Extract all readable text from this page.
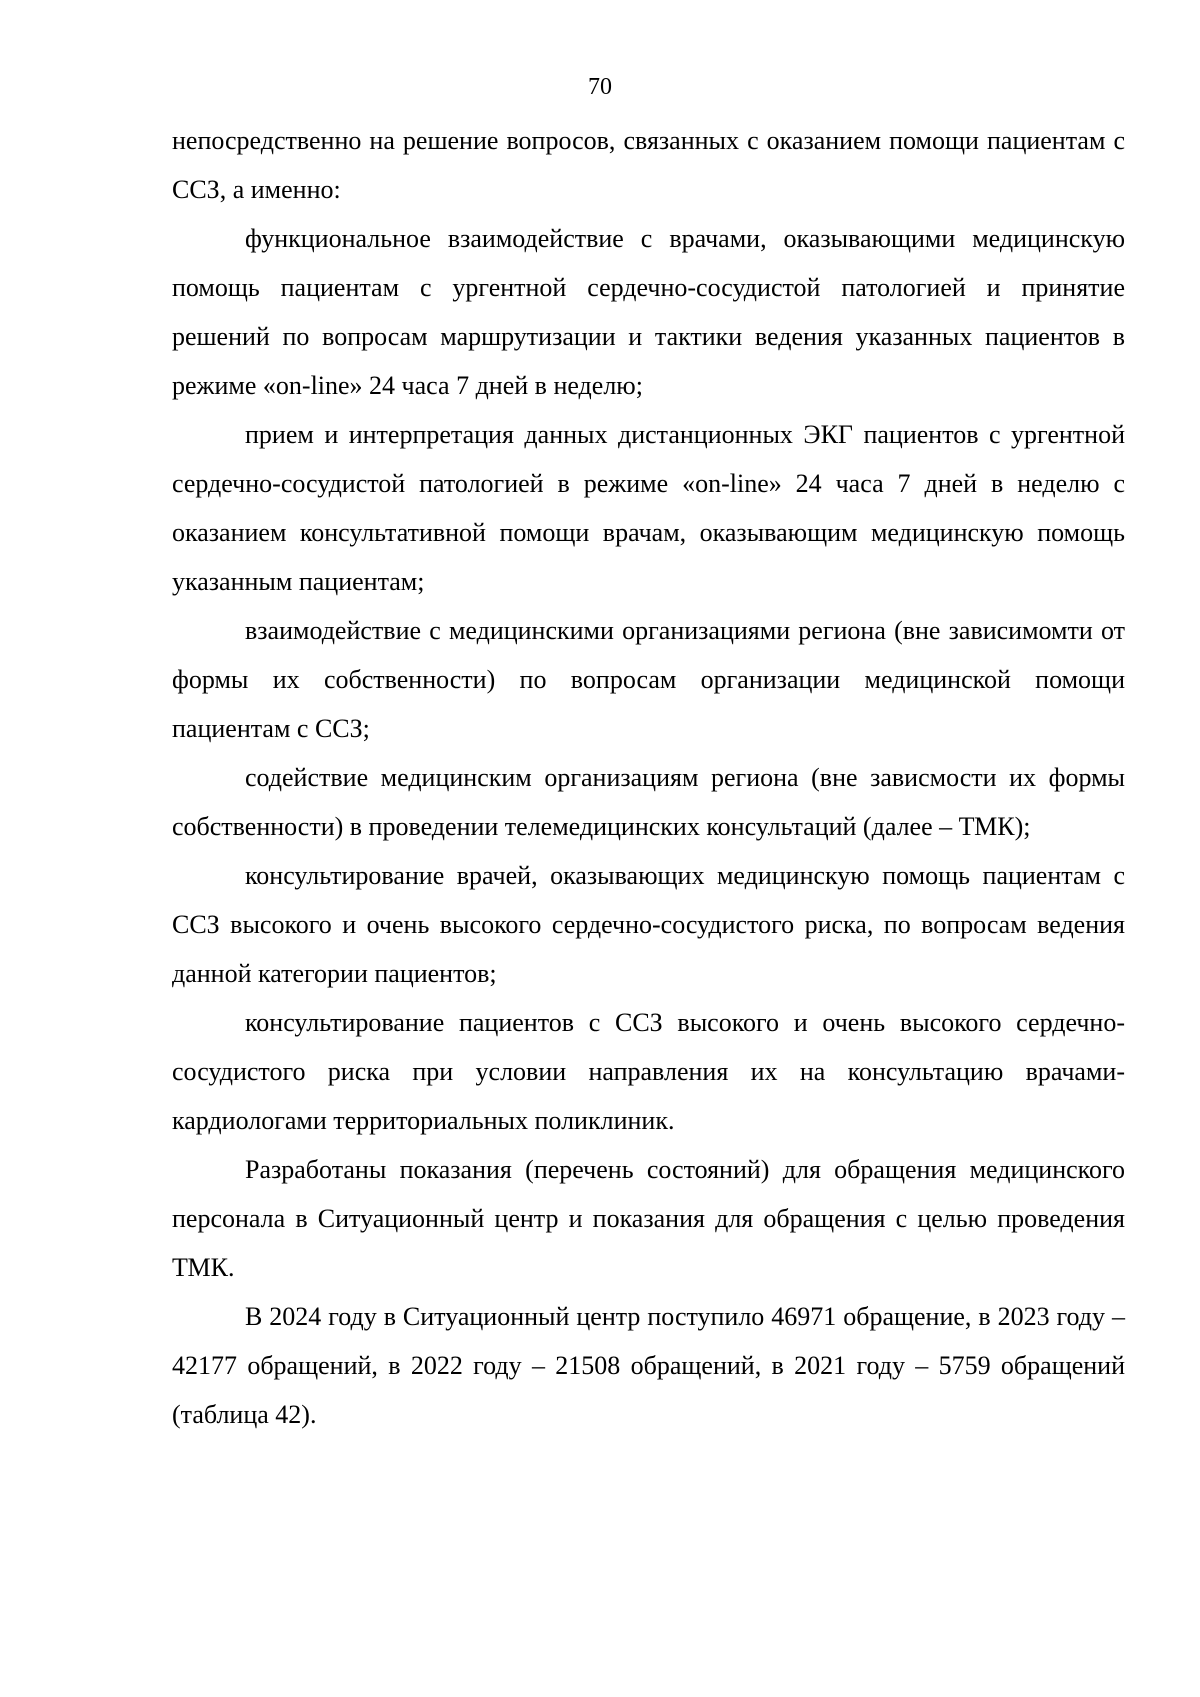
70

непосредственно на решение вопросов, связанных с оказанием помощи пациентам с ССЗ, а именно:

функциональное взаимодействие с врачами, оказывающими медицинскую помощь пациентам с ургентной сердечно-сосудистой патологией и принятие решений по вопросам маршрутизации и тактики ведения указанных пациентов в режиме «on-line» 24 часа 7 дней в неделю;

прием и интерпретация данных дистанционных ЭКГ пациентов с ургентной сердечно-сосудистой патологией в режиме «on-line» 24 часа 7 дней в неделю с оказанием консультативной помощи врачам, оказывающим медицинскую помощь указанным пациентам;

взаимодействие с медицинскими организациями региона (вне зависимомти от формы их собственности) по вопросам организации медицинской помощи пациентам с ССЗ;

содействие медицинским организациям региона (вне зависмости их формы собственности) в проведении телемедицинских консультаций (далее – ТМК);

консультирование врачей, оказывающих медицинскую помощь пациентам с ССЗ высокого и очень высокого сердечно-сосудистого риска, по вопросам ведения данной категории пациентов;

консультирование пациентов с ССЗ высокого и очень высокого сердечно-сосудистого риска при условии направления их на консультацию врачами-кардиологами территориальных поликлиник.

Разработаны показания (перечень состояний) для обращения медицинского персонала в Ситуационный центр и показания для обращения с целью проведения ТМК.

В 2024 году в Ситуационный центр поступило 46971 обращение, в 2023 году – 42177 обращений, в 2022 году – 21508 обращений, в 2021 году – 5759 обращений (таблица 42).
